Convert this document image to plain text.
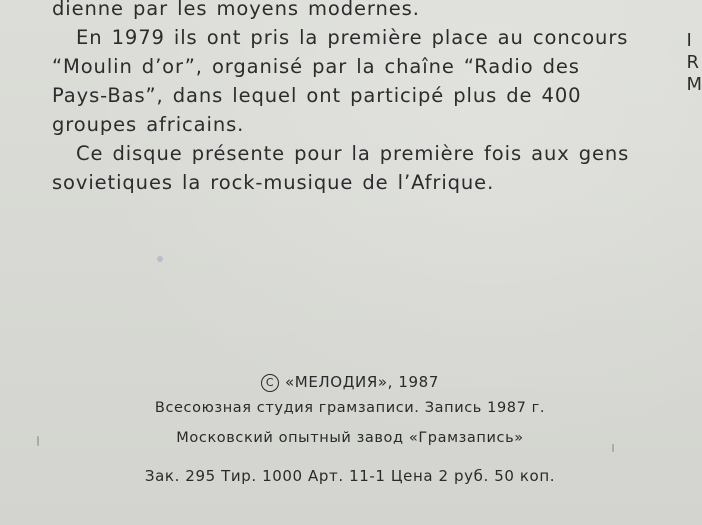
dienne par les moyens modernes.
En 1979 ils ont pris la première place au concours
“Moulin d’or”, organisé par la chaîne “Radio des
Pays-Bas”, dans lequel ont participé plus de 400
groupes africains.
Ce disque présente pour la première fois aux gens
sovietiques la rock-musique de l’Afrique.
I
R
M
C «МЕЛОДИЯ», 1987
Всесоюзная студия грамзаписи. Запись 1987 г.
Московский опытный завод «Грамзапись»
Зак. 295 Тир. 1000 Арт. 11-1 Цена 2 руб. 50 коп.
